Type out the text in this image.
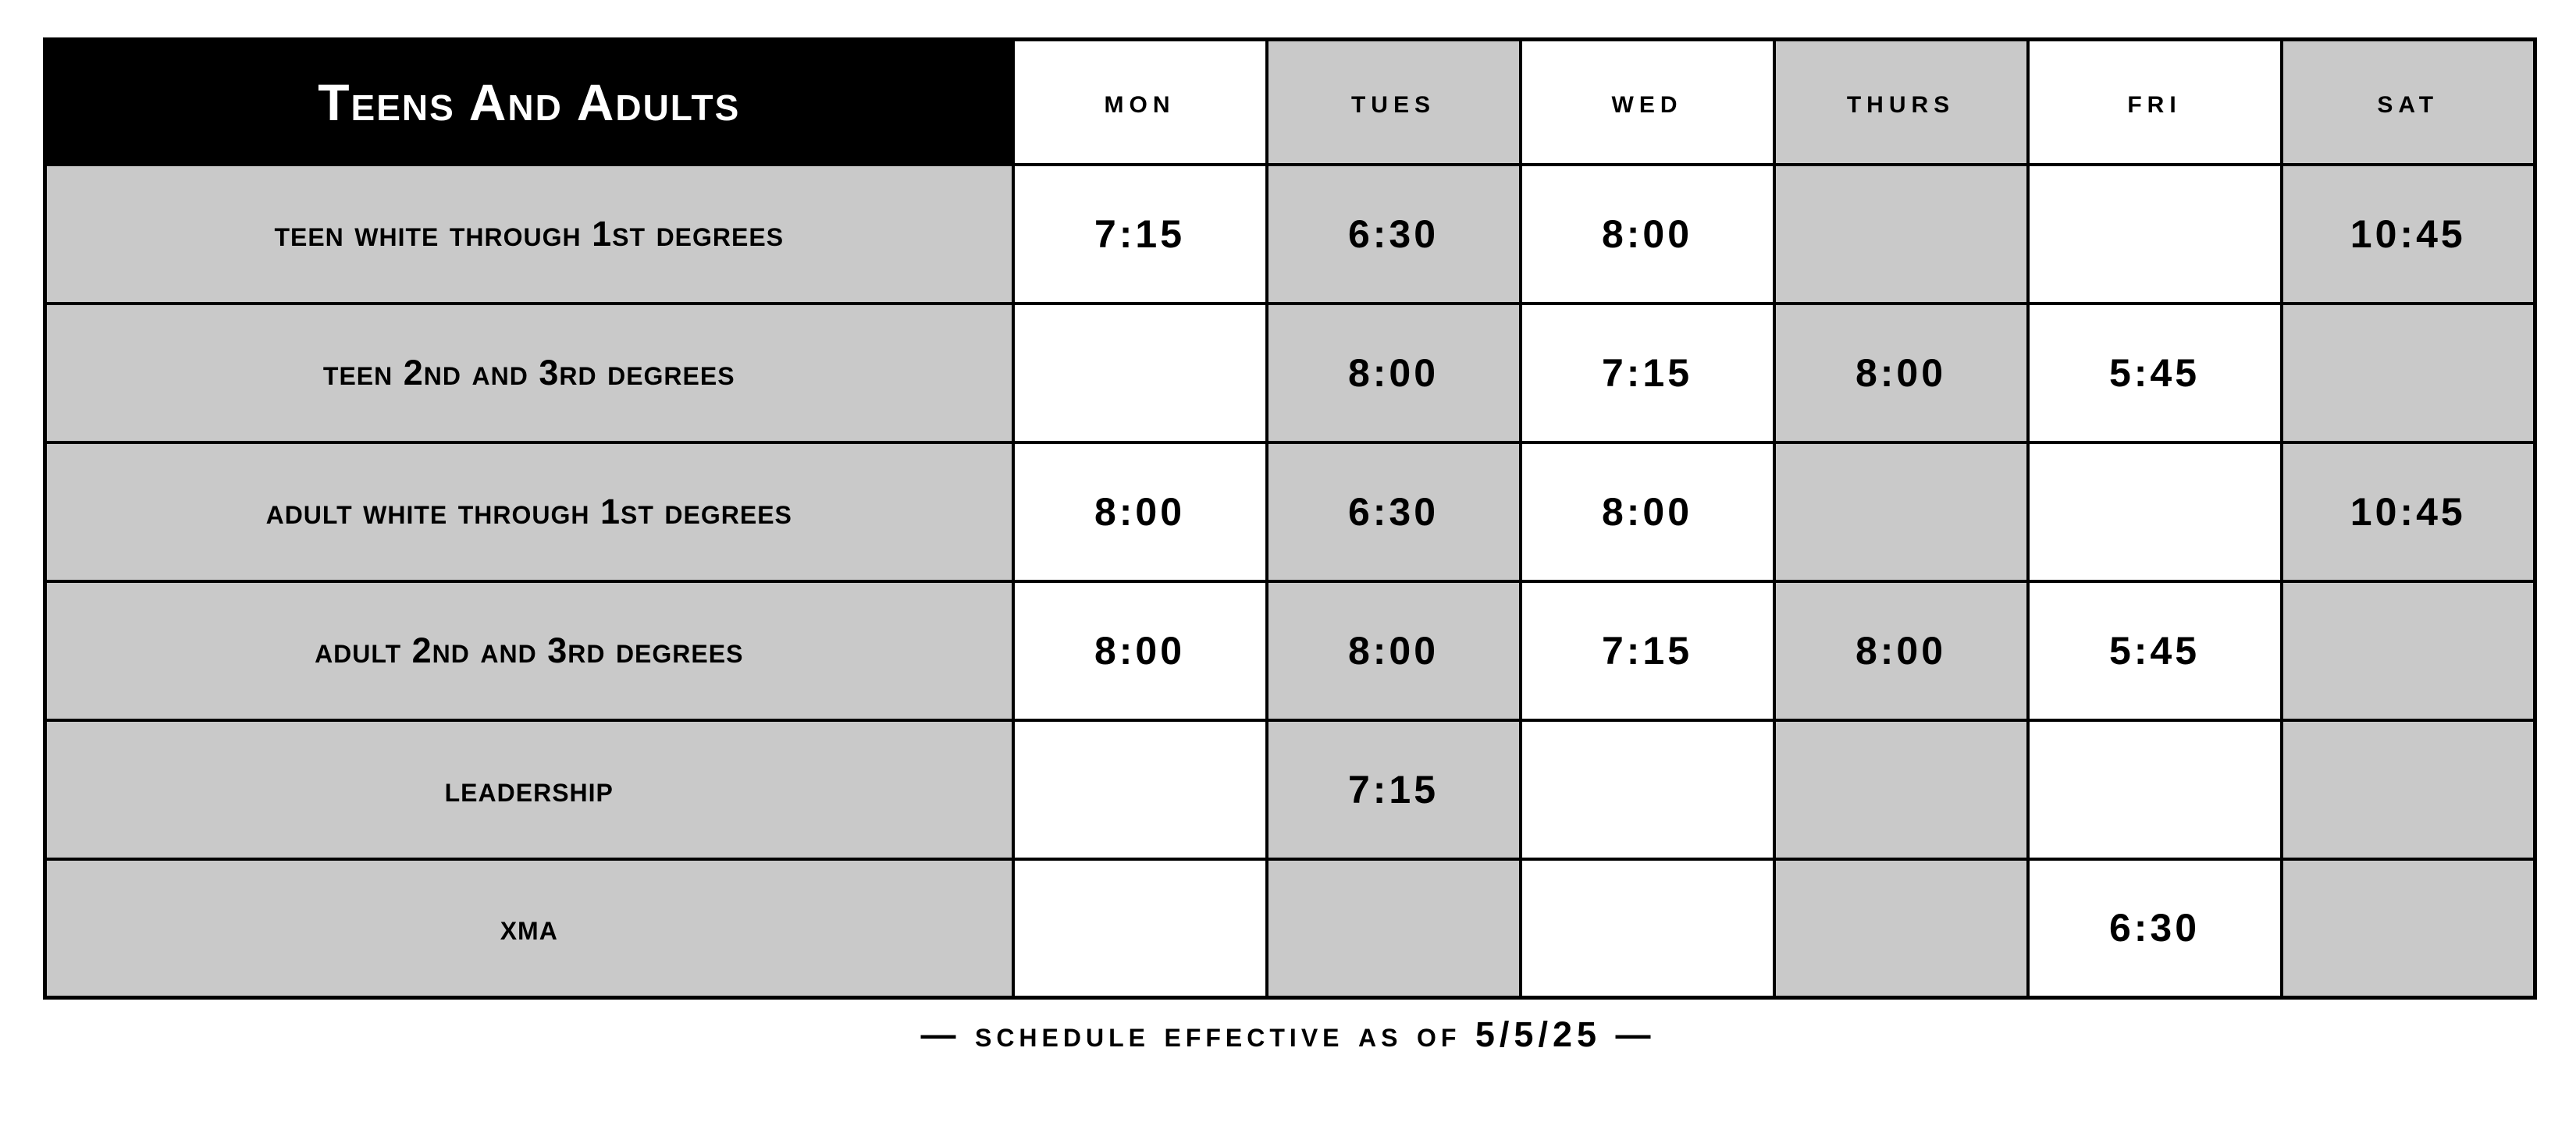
Teens And Adults	mon	tues	wed	thurs	fri	sat
teen white through 1st degrees	7:15	6:30	8:00			10:45
teen 2nd and 3rd degrees		8:00	7:15	8:00	5:45	
adult white through 1st degrees	8:00	6:30	8:00			10:45
adult 2nd and 3rd degrees	8:00	8:00	7:15	8:00	5:45	
leadership		7:15				
xma					6:30	
— schedule effective as of 5/5/25 —
